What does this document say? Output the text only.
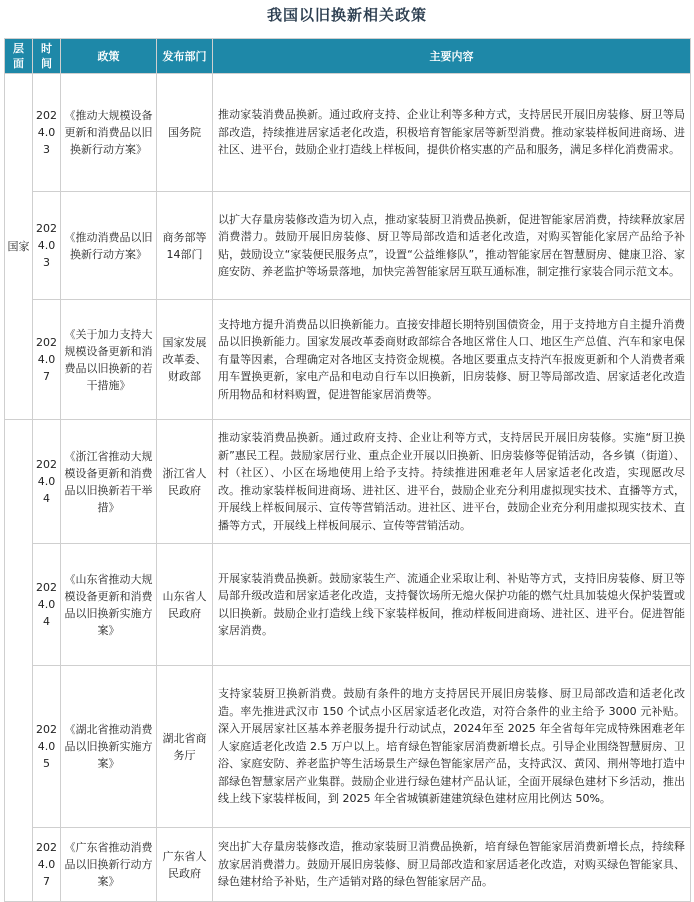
我国以旧换新相关政策
层面	时间	政策	发布部门	主要内容
国家	2024.03	《推动大规模设备更新和消费品以旧换新行动方案》	国务院	推动家装消费品换新。通过政府支持、企业让利等多种方式，支持居民开展旧房装修、厨卫等局部改造，持续推进居家适老化改造，积极培育智能家居等新型消费。推动家装样板间进商场、进社区、进平台，鼓励企业打造线上样板间，提供价格实惠的产品和服务，满足多样化消费需求。
	2024.03	《推动消费品以旧换新行动方案》	商务部等14部门	以扩大存量房装修改造为切入点，推动家装厨卫消费品换新，促进智能家居消费，持续释放家居消费潜力。鼓励开展旧房装修、厨卫等局部改造和适老化改造，对购买智能化家居产品给予补贴，鼓励设立“家装便民服务点”，设置“公益维修队”，推动智能家居在智慧厨房、健康卫浴、家庭安防、养老监护等场景落地，加快完善智能家居互联互通标准，制定推行家装合同示范文本。
	2024.07	《关于加力支持大规模设备更新和消费品以旧换新的若干措施》	国家发展改革委、财政部	支持地方提升消费品以旧换新能力。直接安排超长期特别国债资金，用于支持地方自主提升消费品以旧换新能力。国家发展改革委商财政部综合各地区常住人口、地区生产总值、汽车和家电保有量等因素，合理确定对各地区支持资金规模。各地区要重点支持汽车报废更新和个人消费者乘用车置换更新，家电产品和电动自行车以旧换新，旧房装修、厨卫等局部改造、居家适老化改造所用物品和材料购置，促进智能家居消费等。
	2024.04	《浙江省推动大规模设备更新和消费品以旧换新若干举措》	浙江省人民政府	推动家装消费品换新。通过政府支持、企业让利等方式，支持居民开展旧房装修。实施“厨卫换新”惠民工程。鼓励家居行业、重点企业开展以旧换新、旧房装修等促销活动，各乡镇（街道）、村（社区）、小区在场地使用上给予支持。持续推进困难老年人居家适老化改造，实现愿改尽改。推动家装样板间进商场、进社区、进平台，鼓励企业充分利用虚拟现实技术、直播等方式，开展线上样板间展示、宣传等营销活动。进社区、进平台，鼓励企业充分利用虚拟现实技术、直播等方式，开展线上样板间展示、宣传等营销活动。
	2024.04	《山东省推动大规模设备更新和消费品以旧换新实施方案》	山东省人民政府	开展家装消费品换新。鼓励家装生产、流通企业采取让利、补贴等方式，支持旧房装修、厨卫等局部升级改造和居家适老化改造，支持餐饮场所无熄火保护功能的燃气灶具加装熄火保护装置或以旧换新。鼓励企业打造线上线下家装样板间，推动样板间进商场、进社区、进平台。促进智能家居消费。
	2024.05	《湖北省推动消费品以旧换新实施方案》	湖北省商务厅	支持家装厨卫换新消费。鼓励有条件的地方支持居民开展旧房装修、厨卫局部改造和适老化改造。率先推进武汉市 150 个试点小区居家适老化改造，对符合条件的业主给予 3000 元补贴。深入开展居家社区基本养老服务提升行动试点，2024年至 2025 年全省每年完成特殊困难老年人家庭适老化改造 2.5 万户以上。培育绿色智能家居消费新增长点。引导企业围绕智慧厨房、卫浴、家庭安防、养老监护等生活场景生产绿色智能家居产品，支持武汉、黄冈、荆州等地打造中部绿色智慧家居产业集群。鼓励企业进行绿色建材产品认证，全面开展绿色建材下乡活动，推出线上线下家装样板间，到 2025 年全省城镇新建建筑绿色建材应用比例达 50%。
	2024.07	《广东省推动消费品以旧换新行动方案》	广东省人民政府	突出扩大存量房装修改造，推动家装厨卫消费品换新，培育绿色智能家居消费新增长点，持续释放家居消费潜力。鼓励开展旧房装修、厨卫局部改造和家居适老化改造，对购买绿色智能家具、绿色建材给予补贴，生产适销对路的绿色智能家居产品。
